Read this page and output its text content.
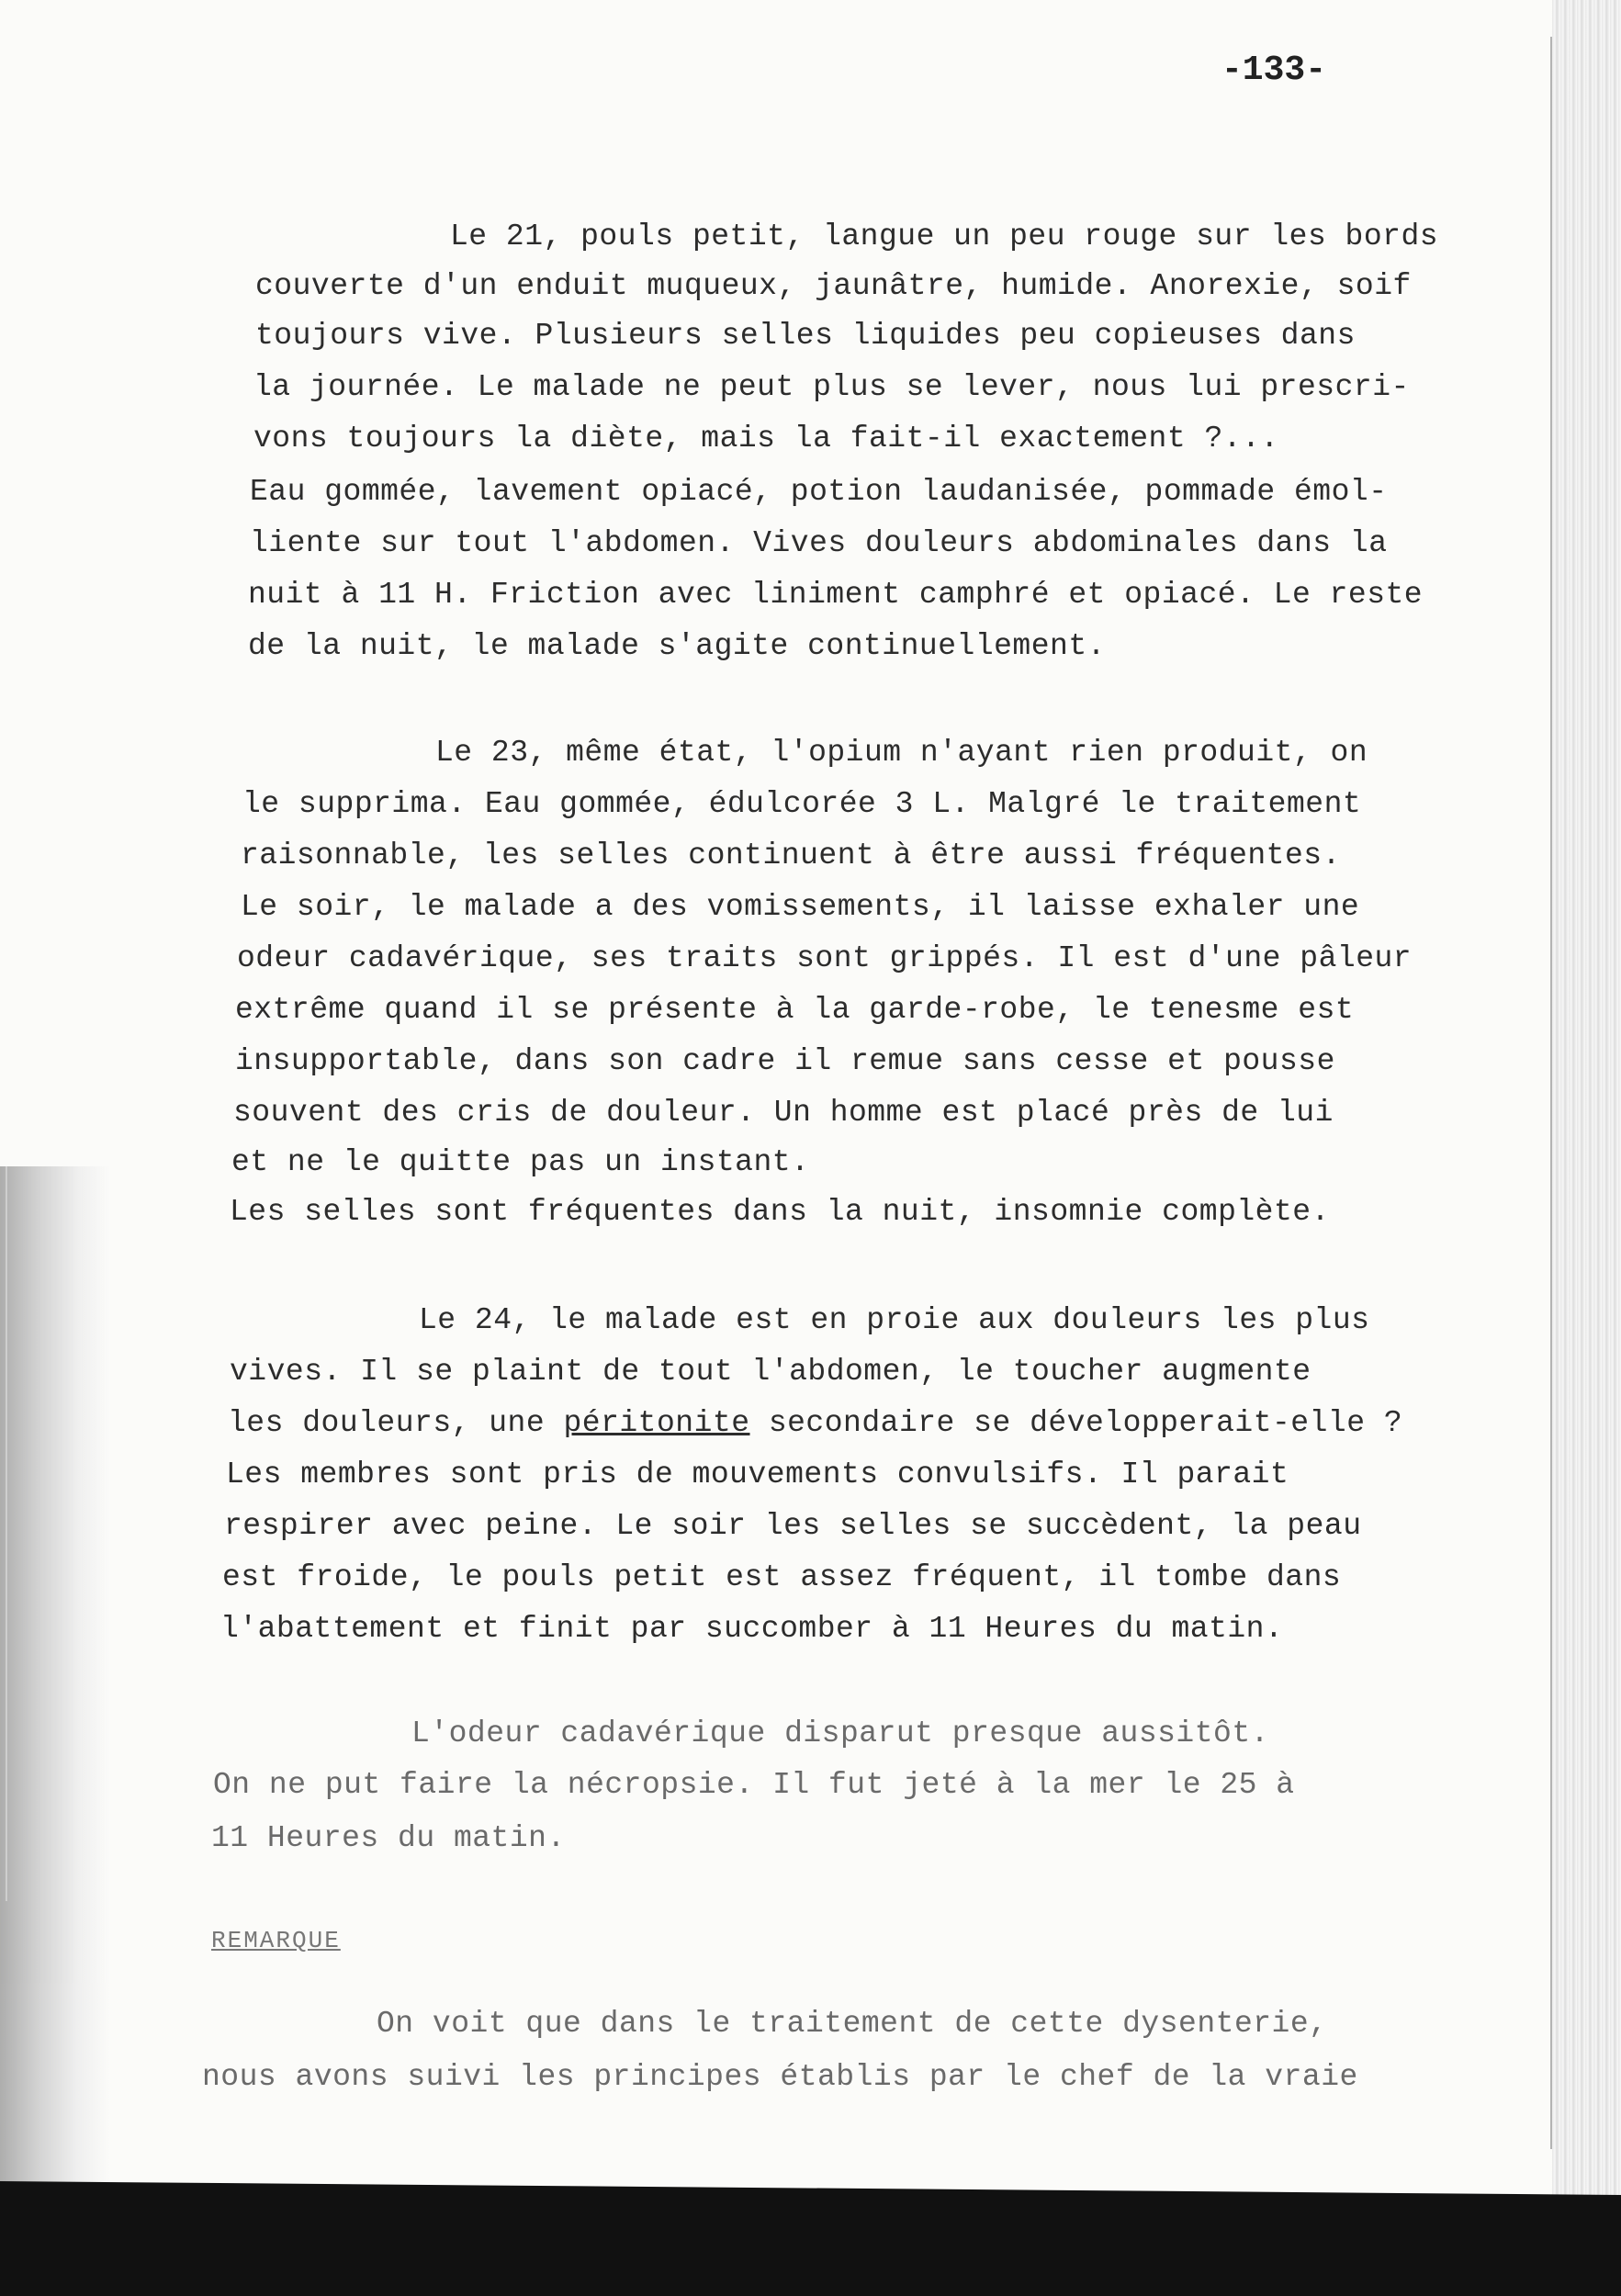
-133-
Le 21, pouls petit, langue un peu rouge sur les bords
couverte d'un enduit muqueux, jaunâtre, humide. Anorexie, soif
toujours vive. Plusieurs selles liquides peu copieuses dans
la journée. Le malade ne peut plus se lever, nous lui prescri-
vons toujours la diète, mais la fait-il exactement ?...
Eau gommée, lavement opiacé, potion laudanisée, pommade émol-
liente sur tout l'abdomen. Vives douleurs abdominales dans la
nuit à 11 H. Friction avec liniment camphré et opiacé. Le reste
de la nuit, le malade s'agite continuellement.
Le 23, même état, l'opium n'ayant rien produit, on
le supprima. Eau gommée, édulcorée 3 L. Malgré le traitement
raisonnable, les selles continuent à être aussi fréquentes.
Le soir, le malade a des vomissements, il laisse exhaler une
odeur cadavérique, ses traits sont grippés. Il est d'une pâleur
extrême quand il se présente à la garde-robe, le tenesme est
insupportable, dans son cadre il remue sans cesse et pousse
souvent des cris de douleur. Un homme est placé près de lui
et ne le quitte pas un instant.
Les selles sont fréquentes dans la nuit, insomnie complète.
Le 24, le malade est en proie aux douleurs les plus
vives. Il se plaint de tout l'abdomen, le toucher augmente
les douleurs, une péritonite secondaire se développerait-elle ?
Les membres sont pris de mouvements convulsifs. Il parait
respirer avec peine. Le soir les selles se succèdent, la peau
est froide, le pouls petit est assez fréquent, il tombe dans
l'abattement et finit par succomber à 11 Heures du matin.
L'odeur cadavérique disparut presque aussitôt.
On ne put faire la nécropsie. Il fut jeté à la mer le 25 à
11 Heures du matin.
REMARQUE
On voit que dans le traitement de cette dysenterie,
nous avons suivi les principes établis par le chef de la vraie
